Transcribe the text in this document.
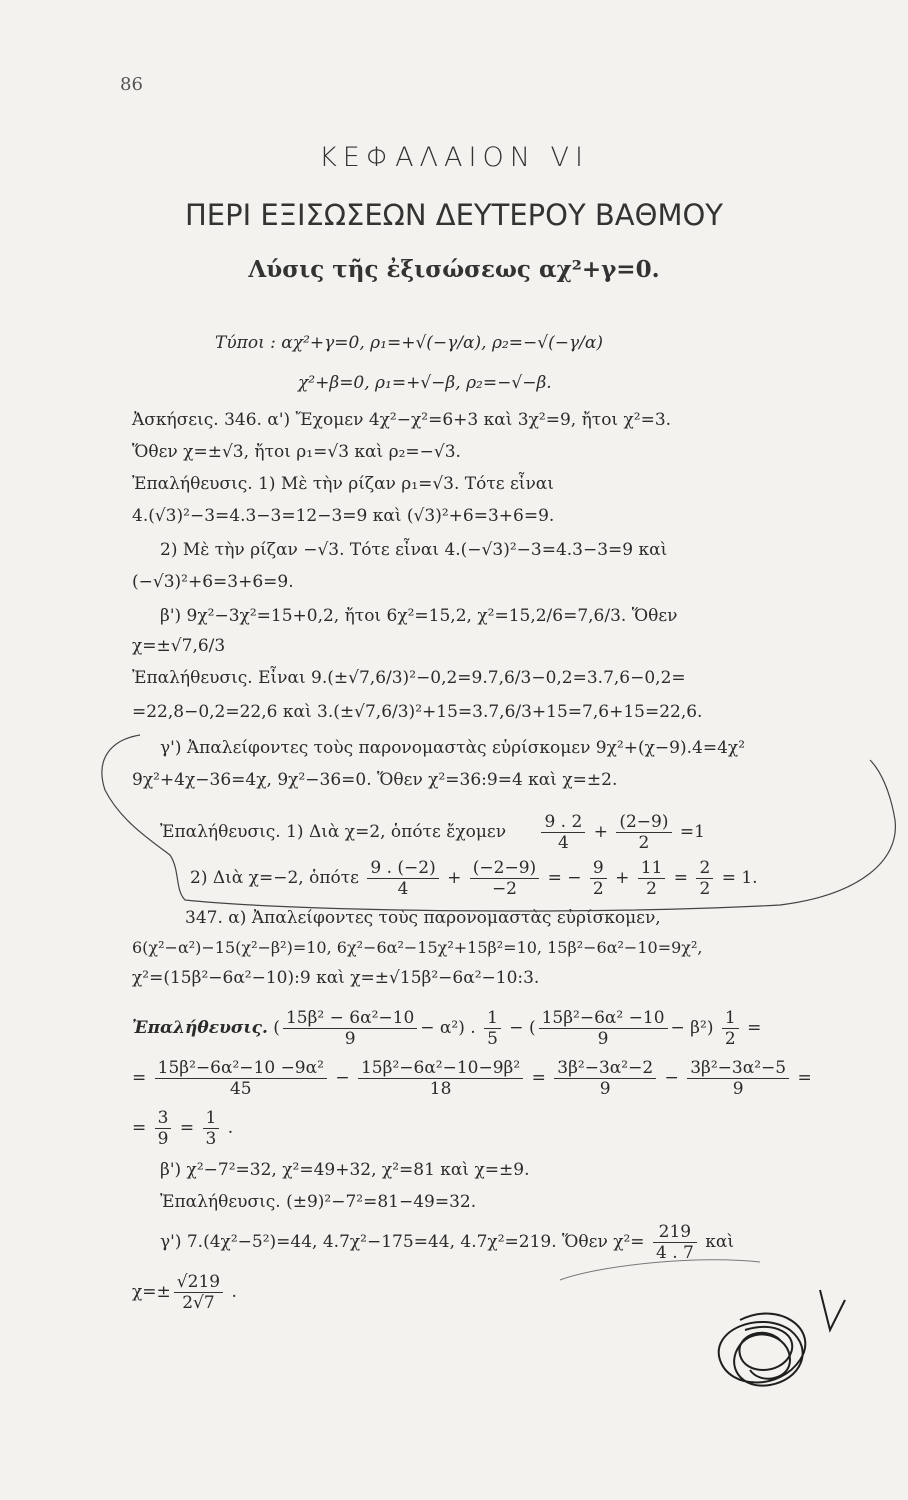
86
ΚΕΦΑΛΑΙΟΝ VI
ΠΕΡΙ ΕΞΙΣΩΣΕΩΝ ΔΕΥΤΕΡΟΥ ΒΑΘΜΟΥ
Λύσις τῆς ἐξισώσεως αχ²+γ=0.
Τύποι : αχ²+γ=0, ρ₁=+√(−γ/α), ρ₂=−√(−γ/α)
χ²+β=0, ρ₁=+√−β, ρ₂=−√−β.
Ἀσκήσεις. 346. α') Ἔχομεν 4χ²−χ²=6+3 καὶ 3χ²=9, ἤτοι χ²=3.
Ὅθεν χ=±√3, ἤτοι ρ₁=√3 καὶ ρ₂=−√3.
Ἐπαλήθευσις. 1) Μὲ τὴν ρίζαν ρ₁=√3. Τότε εἶναι
4.(√3)²−3=4.3−3=12−3=9 καὶ (√3)²+6=3+6=9.
2) Μὲ τὴν ρίζαν −√3. Τότε εἶναι 4.(−√3)²−3=4.3−3=9 καὶ
(−√3)²+6=3+6=9.
β') 9χ²−3χ²=15+0,2, ἤτοι 6χ²=15,2, χ²=15,2/6=7,6/3. Ὅθεν
χ=±√7,6/3
Ἐπαλήθευσις. Εἶναι 9.(±√7,6/3)²−0,2=9.7,6/3−0,2=3.7,6−0,2=
=22,8−0,2=22,6 καὶ 3.(±√7,6/3)²+15=3.7,6/3+15=7,6+15=22,6.
γ') Ἀπαλείφοντες τοὺς παρονομαστὰς εὑρίσκομεν 9χ²+(χ−9).4=4χ²
9χ²+4χ−36=4χ, 9χ²−36=0. Ὅθεν χ²=36:9=4 καὶ χ=±2.
Ἐπαλήθευσις. 1) Διὰ χ=2, ὁπότε ἔχομεν $\frac{9 . 2}{4} + \frac{(2-9)}{2} =1$
2) Διὰ χ=−2, ὁπότε $\frac{9 . (-2)}{4} + \frac{(-2-9)}{-2}$ = − $\frac{9}{2} + \frac{11}{2} = \frac{2}{2} = 1$.
347. α) Ἀπαλείφοντες τοὺς παρονομαστὰς εὑρίσκομεν,
6(χ²−α²)−15(χ²−β²)=10, 6χ²−6α²−15χ²+15β²=10, 15β²−6α²−10=9χ²,
χ²=(15β²−6α²−10):9 καὶ χ=±√15β²−6α²−10:3.
Ἐπαλήθευσις. ( $\frac{\text{15β² − 6α²−10}}{9} - \alpha^2$) . $\frac{1}{5}$ − ( $\frac{\text{15β²−6α² −10}}{9} - \beta^2) \frac{1}{2}$ =
= $\frac{\text{15β²−6α²−10 −9α²}}{45} - \frac{\text{15β²−6α²−10−9β²}}{18} = \frac{\text{3β²−3α²−2}}{9} - \frac{\text{3β²−3α²−5}}{9}$ =
= $\frac{3}{9} = \frac{1}{3}$ .
β') χ²−7²=32, χ²=49+32, χ²=81 καὶ χ=±9.
Ἐπαλήθευσις. (±9)²−7²=81−49=32.
γ') 7.(4χ²−5²)=44, 4.7χ²−175=44, 4.7χ²=219. Ὅθεν $\chi^2= \frac{219}{4 . 7}$ καὶ
$\chi=\pm \frac{√219}{2√7}$ .
